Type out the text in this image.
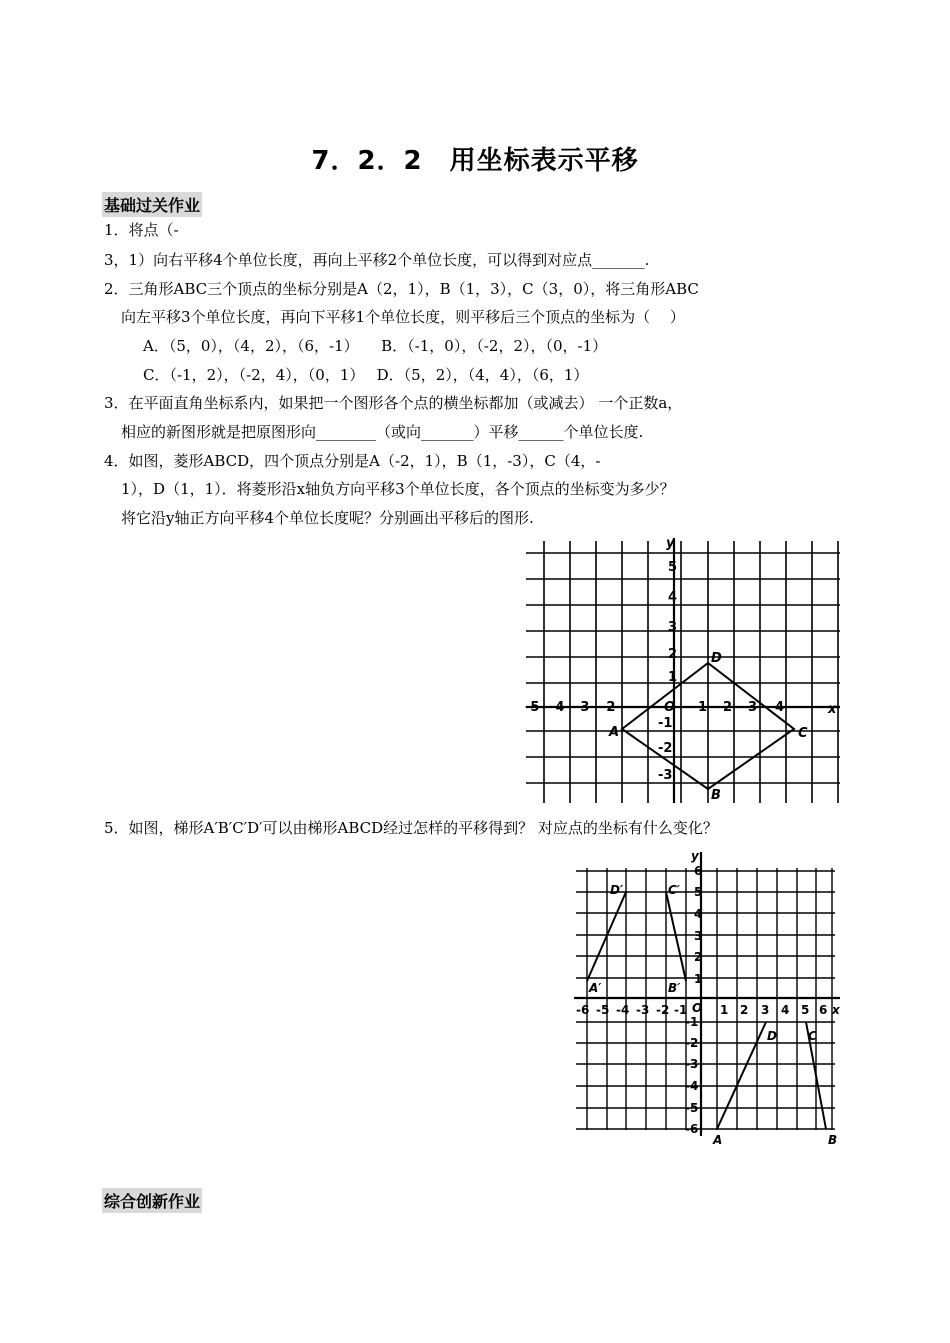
7．2．2　用坐标表示平移
基础过关作业
1．将点（-
3，1）向右平移4个单位长度，再向上平移2个单位长度，可以得到对应点_______.
2．三角形ABC三个顶点的坐标分别是A（2，1），B（1，3），C（3，0），将三角形ABC
向左平移3个单位长度，再向下平移1个单位长度，则平移后三个顶点的坐标为（　 ）
A．（5，0），（4，2），（6，-1）　　B．（-1，0），（-2，2），（0，-1）
C．（-1，2），（-2，4），（0，1）　 D．（5，2），（4，4），（6，1）
3．在平面直角坐标系内，如果把一个图形各个点的横坐标都加（或减去） 一个正数a，
相应的新图形就是把原图形向________（或向_______）平移______个单位长度.
4．如图，菱形ABCD，四个顶点分别是A（-2，1），B（1，-3），C（4，-
1），D（1，1）．将菱形沿x轴负方向平移3个单位长度，各个顶点的坐标变为多少？
将它沿y轴正方向平移4个单位长度呢？分别画出平移后的图形.
x
y
O
A
B
C
D
-5 -4 -3 -2	1 2 3 4
5
4
3
2
1
-1
-2
-3
5．如图，梯形A′B′C′D′可以由梯形ABCD经过怎样的平移得到？ 对应点的坐标有什么变化？
x
y
O
D′	C′
A′	B′
D	C
A	B
-6 -5 -4 -3 -2 -1	1 2 3 4 5 6
6
5
4
3
2
1
-1
-2
-3
-4
-5
-6
综合创新作业
